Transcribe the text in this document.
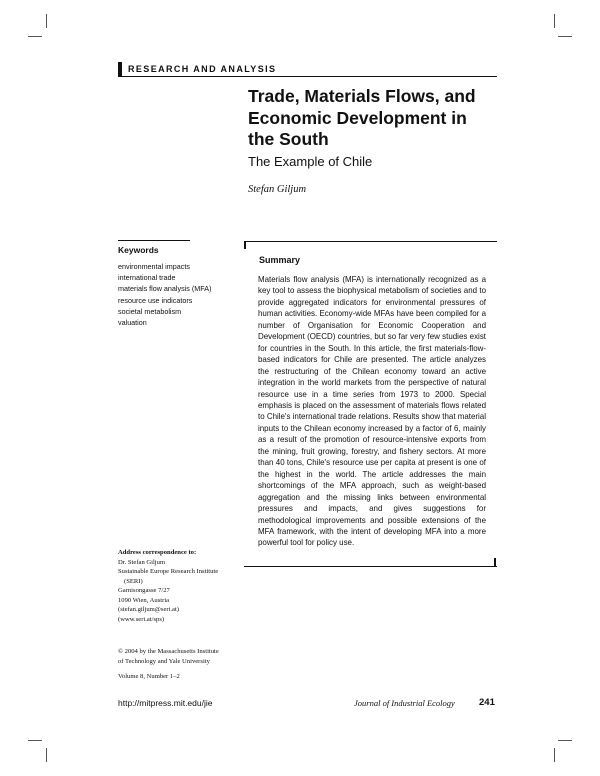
RESEARCH AND ANALYSIS
Trade, Materials Flows, and
Economic Development in
the South
The Example of Chile
Stefan Giljum
Keywords
environmental impacts
international trade
materials flow analysis (MFA)
resource use indicators
societal metabolism
valuation
Summary

Materials flow analysis (MFA) is internationally recognized as a key tool to assess the biophysical metabolism of societies and to provide aggregated indicators for environmental pressures of human activities. Economy-wide MFAs have been compiled for a number of Organisation for Economic Cooperation and Development (OECD) countries, but so far very few studies exist for countries in the South. In this article, the first materials-flow-based indicators for Chile are presented. The article analyzes the restructuring of the Chilean economy toward an active integration in the world markets from the perspective of natural resource use in a time series from 1973 to 2000. Special emphasis is placed on the assessment of materials flows related to Chile's international trade relations. Results show that material inputs to the Chilean economy increased by a factor of 6, mainly as a result of the promotion of resource-intensive exports from the mining, fruit growing, forestry, and fishery sectors. At more than 40 tons, Chile's resource use per capita at present is one of the highest in the world. The article addresses the main shortcomings of the MFA approach, such as weight-based aggregation and the missing links between environmental pressures and impacts, and gives suggestions for methodological improvements and possible extensions of the MFA framework, with the intent of developing MFA into a more powerful tool for policy use.

Address correspondence to:
Dr. Stefan Giljum
Sustainable Europe Research Institute
(SERI)
Garnisongasse 7/27
1090 Wien, Austria
(stefan.giljum@seri.at)
(www.seri.at/sps)
© 2004 by the Massachusetts Institute
of Technology and Yale University
Volume 8, Number 1–2
http://mitpress.mit.edu/jie	Journal of Industrial Ecology	241
